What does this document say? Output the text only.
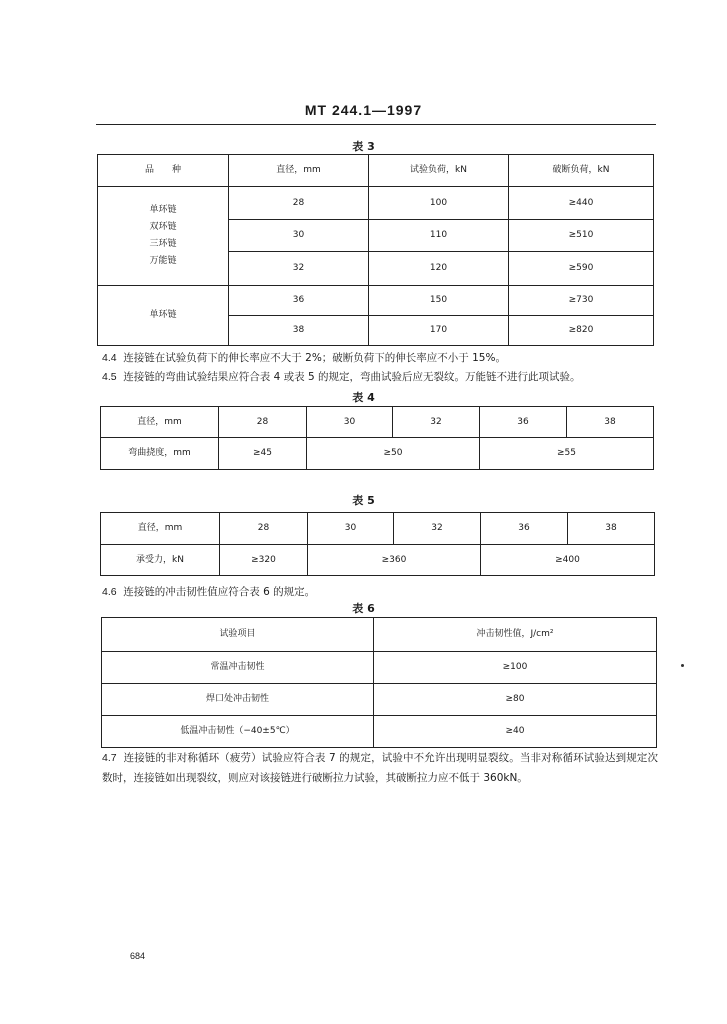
MT 244.1—1997
表 3
品　　种	直径，mm	试验负荷，kN	破断负荷，kN

单环链
双环链
三环链
万能链	28	100	≥440
	30	110	≥510
	32	120	≥590
单环链	36	150	≥730
	38	170	≥820
4.4 连接链在试验负荷下的伸长率应不大于 2%；破断负荷下的伸长率应不小于 15%。
4.5 连接链的弯曲试验结果应符合表 4 或表 5 的规定，弯曲试验后应无裂纹。万能链不进行此项试验。
表 4
直径，mm	28	30	32	36	38
弯曲挠度，mm	≥45	≥50		≥55	
表 5
直径，mm	28	30	32	36	38
承受力，kN	≥320	≥360		≥400	
4.6 连接链的冲击韧性值应符合表 6 的规定。
表 6
试验项目	冲击韧性值，J/cm²
常温冲击韧性	≥100
焊口处冲击韧性	≥80
低温冲击韧性（−40±5℃）	≥40
4.7 连接链的非对称循环（疲劳）试验应符合表 7 的规定，试验中不允许出现明显裂纹。当非对称循环试验达到规定次数时，连接链如出现裂纹，则应对该接链进行破断拉力试验，其破断拉力应不低于 360kN。
684
